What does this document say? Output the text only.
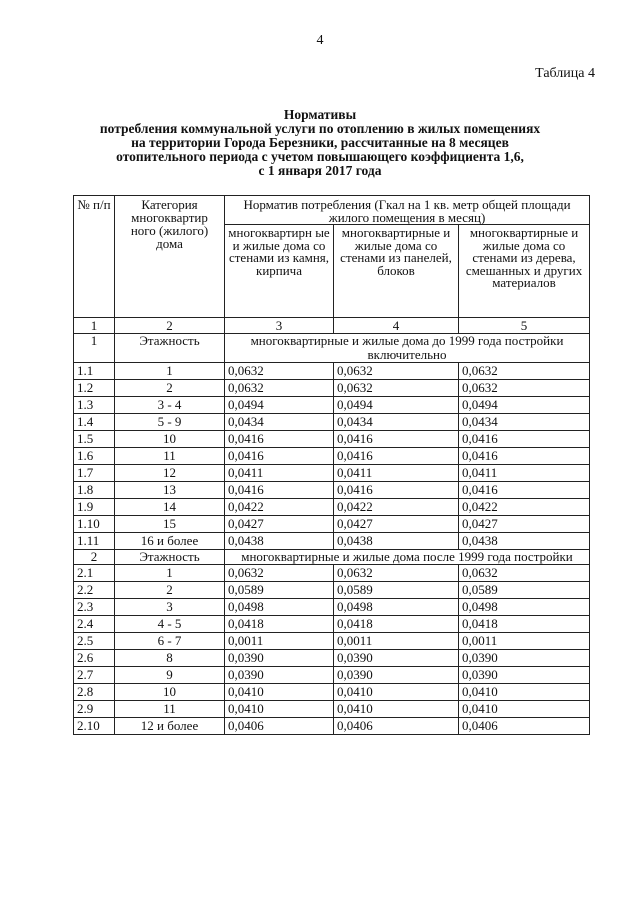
4
Таблица 4
Нормативы
потребления коммунальной услуги по отоплению в жилых помещениях
на территории Города Березники, рассчитанные на 8 месяцев
отопительного периода с учетом повышающего коэффициента 1,6,
с 1 января 2017 года
№ п/п	Категория многоквартир ного (жилого) дома	Норматив потребления (Гкал на 1 кв. метр общей площади жилого помещения в месяц)		
		многоквартирн ые и жилые дома со стенами из камня, кирпича	многоквартирные и жилые дома со стенами из панелей, блоков	многоквартирные и жилые дома со стенами из дерева, смешанных и других материалов
1	2	3	4	5
1	Этажность	многоквартирные и жилые дома до 1999 года постройки включительно		
1.1	1	0,0632	0,0632	0,0632
1.2	2	0,0632	0,0632	0,0632
1.3	3 - 4	0,0494	0,0494	0,0494
1.4	5 - 9	0,0434	0,0434	0,0434
1.5	10	0,0416	0,0416	0,0416
1.6	11	0,0416	0,0416	0,0416
1.7	12	0,0411	0,0411	0,0411
1.8	13	0,0416	0,0416	0,0416
1.9	14	0,0422	0,0422	0,0422
1.10	15	0,0427	0,0427	0,0427
1.11	16 и более	0,0438	0,0438	0,0438
2	Этажность	многоквартирные и жилые дома после 1999 года постройки		
2.1	1	0,0632	0,0632	0,0632
2.2	2	0,0589	0,0589	0,0589
2.3	3	0,0498	0,0498	0,0498
2.4	4 - 5	0,0418	0,0418	0,0418
2.5	6 - 7	0,0011	0,0011	0,0011
2.6	8	0,0390	0,0390	0,0390
2.7	9	0,0390	0,0390	0,0390
2.8	10	0,0410	0,0410	0,0410
2.9	11	0,0410	0,0410	0,0410
2.10	12 и более	0,0406	0,0406	0,0406
